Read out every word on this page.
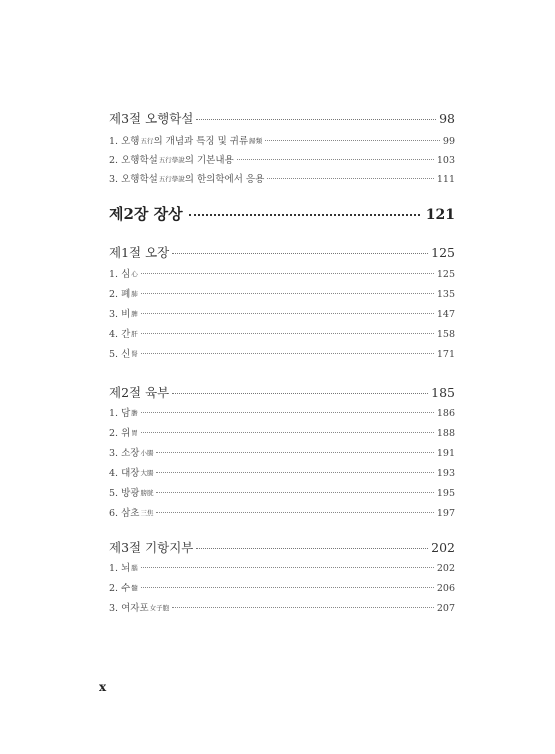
제3절 오행학설	98
1. 오행五行의 개념과 특징 및 귀류歸類	99
2. 오행학설五行學說의 기본내용	103
3. 오행학설五行學說의 한의학에서 응용	111
제2장 장상	121
제1절 오장	125
1. 심心	125
2. 폐肺	135
3. 비脾	147
4. 간肝	158
5. 신腎	171
제2절 육부	185
1. 담膽	186
2. 위胃	188
3. 소장小腸	191
4. 대장大腸	193
5. 방광膀胱	195
6. 삼초三焦	197
제3절 기항지부	202
1. 뇌腦	202
2. 수髓	206
3. 여자포女子胞	207
x
